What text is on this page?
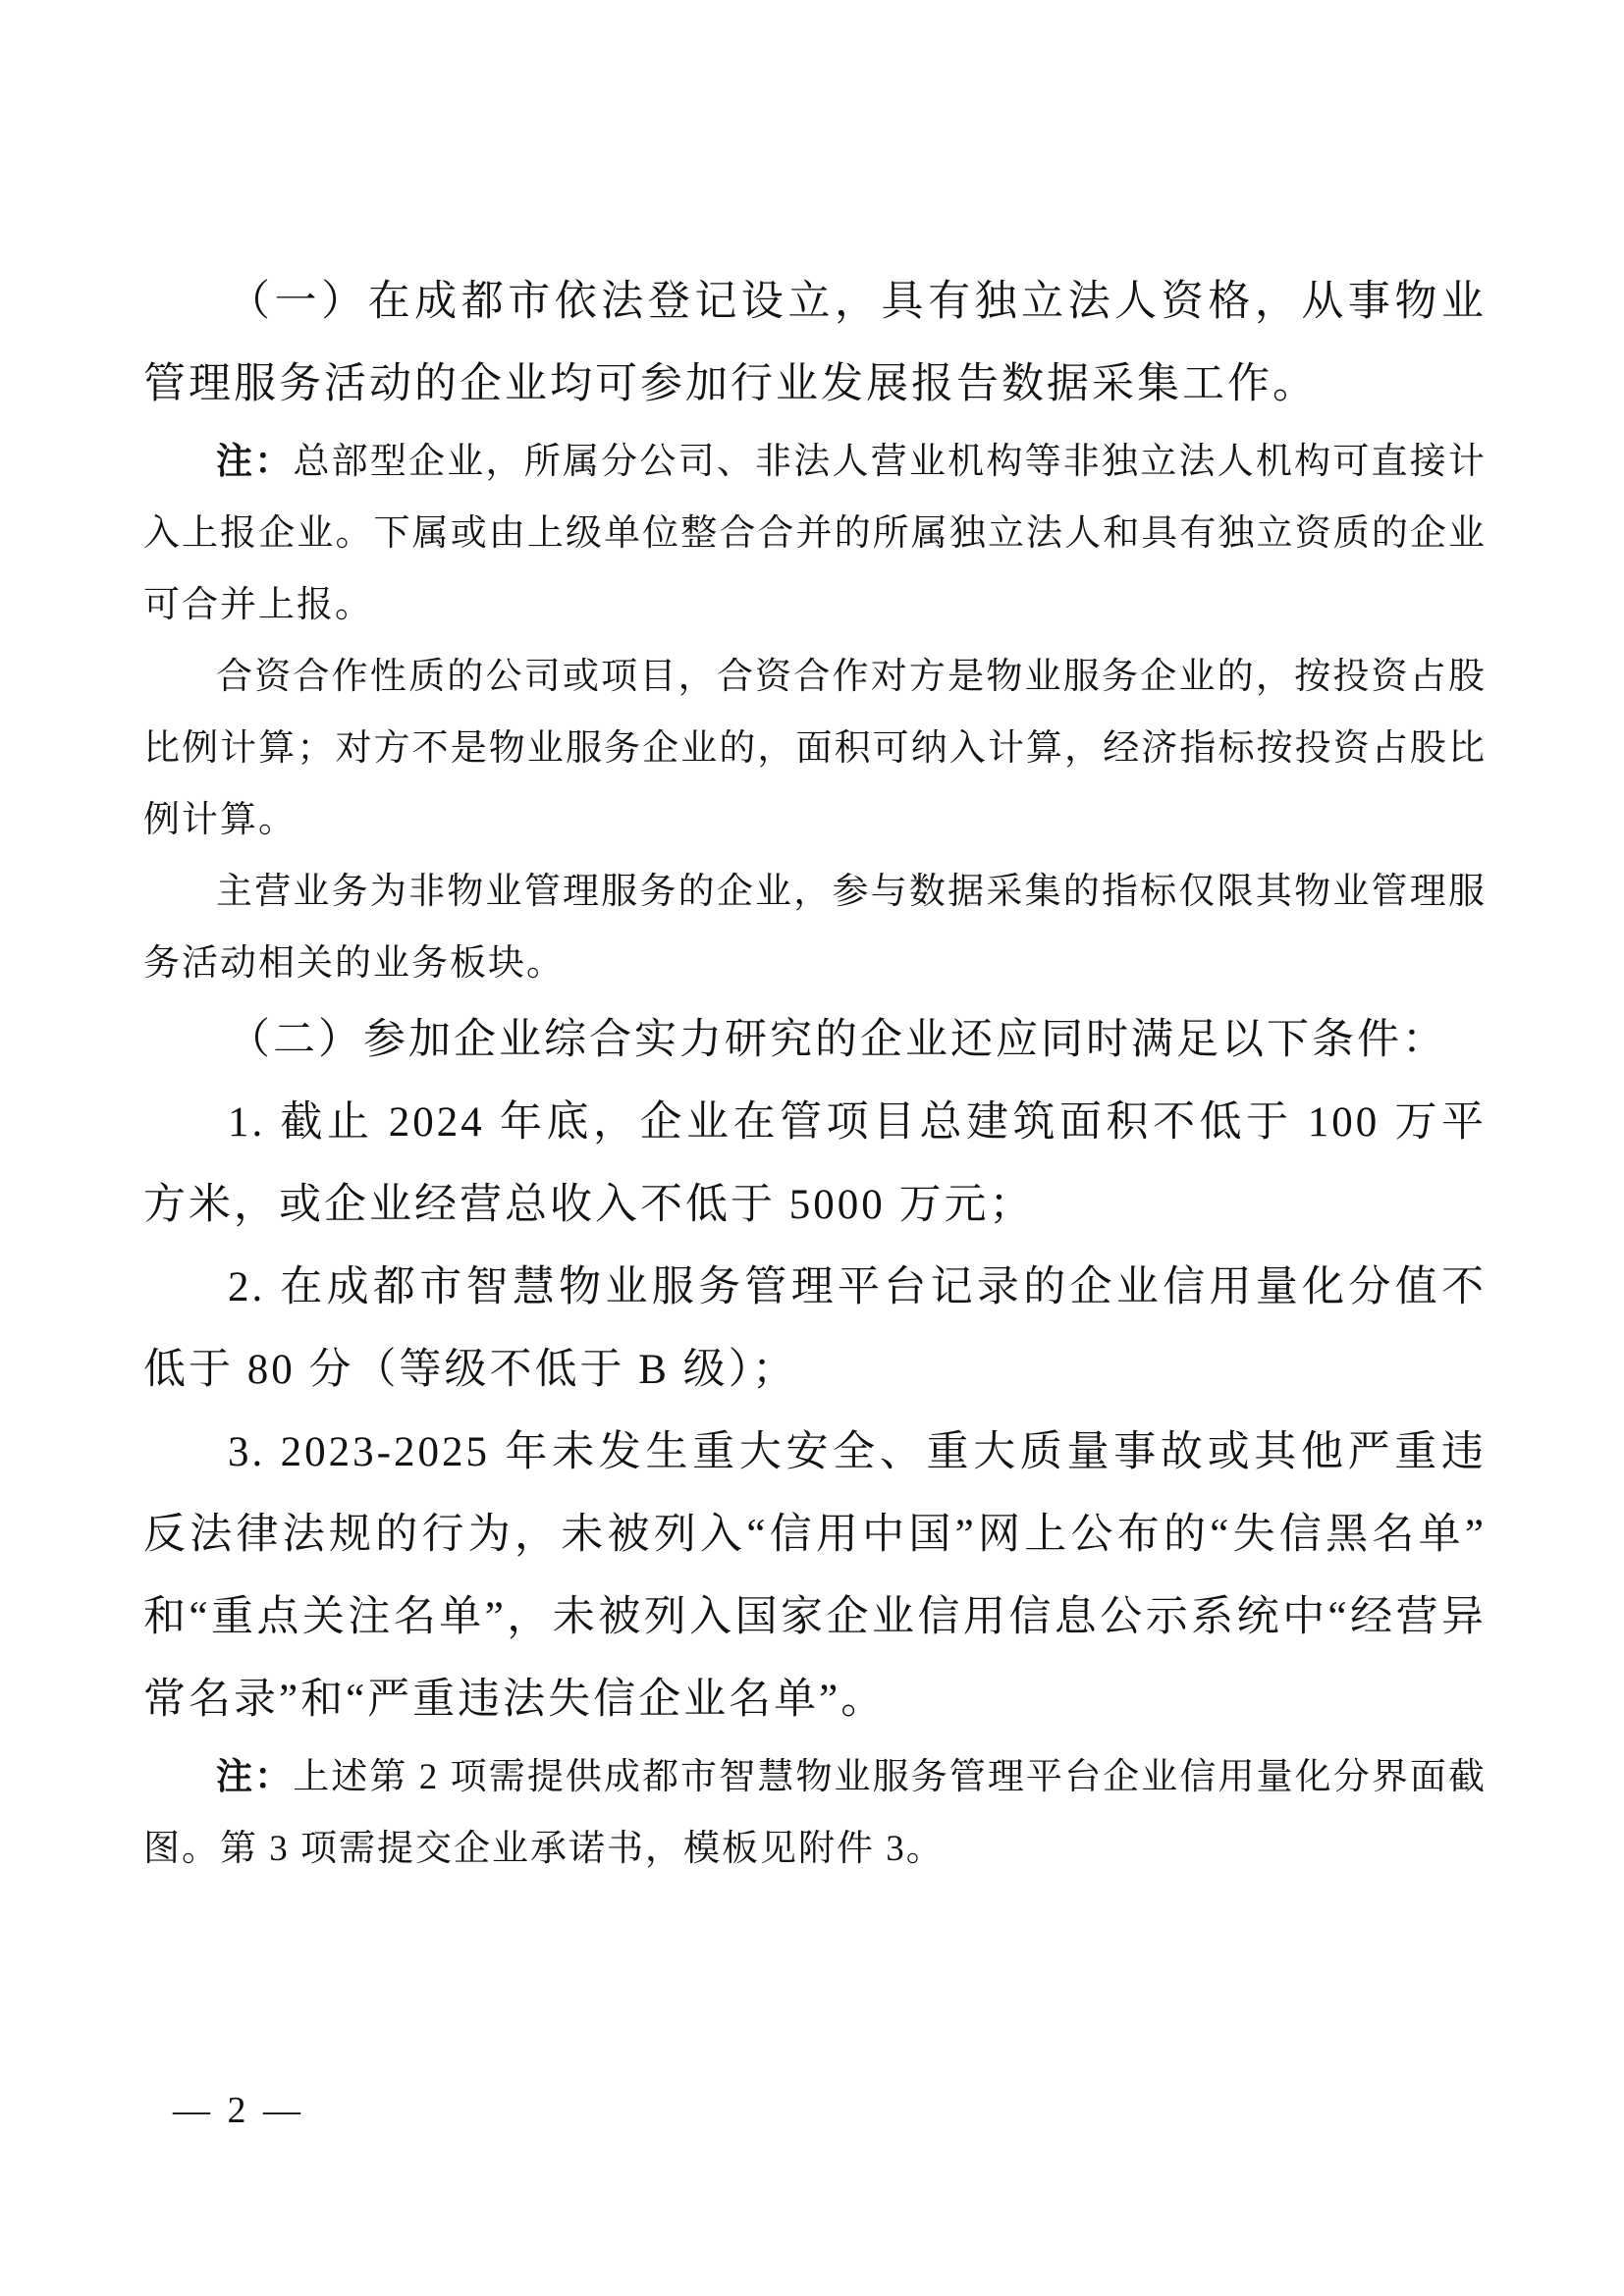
（一）在成都市依法登记设立，具有独立法人资格，从事物业管理服务活动的企业均可参加行业发展报告数据采集工作。

注：总部型企业，所属分公司、非法人营业机构等非独立法人机构可直接计入上报企业。下属或由上级单位整合合并的所属独立法人和具有独立资质的企业可合并上报。

合资合作性质的公司或项目，合资合作对方是物业服务企业的，按投资占股比例计算；对方不是物业服务企业的，面积可纳入计算，经济指标按投资占股比例计算。

主营业务为非物业管理服务的企业，参与数据采集的指标仅限其物业管理服务活动相关的业务板块。

（二）参加企业综合实力研究的企业还应同时满足以下条件：

1. 截止 2024 年底，企业在管项目总建筑面积不低于 100 万平方米，或企业经营总收入不低于 5000 万元；

2. 在成都市智慧物业服务管理平台记录的企业信用量化分值不低于 80 分（等级不低于 B 级）；

3. 2023-2025 年未发生重大安全、重大质量事故或其他严重违反法律法规的行为，未被列入“信用中国”网上公布的“失信黑名单”和“重点关注名单”，未被列入国家企业信用信息公示系统中“经营异常名录”和“严重违法失信企业名单”。

注：上述第 2 项需提供成都市智慧物业服务管理平台企业信用量化分界面截图。第 3 项需提交企业承诺书，模板见附件 3。

— 2 —
